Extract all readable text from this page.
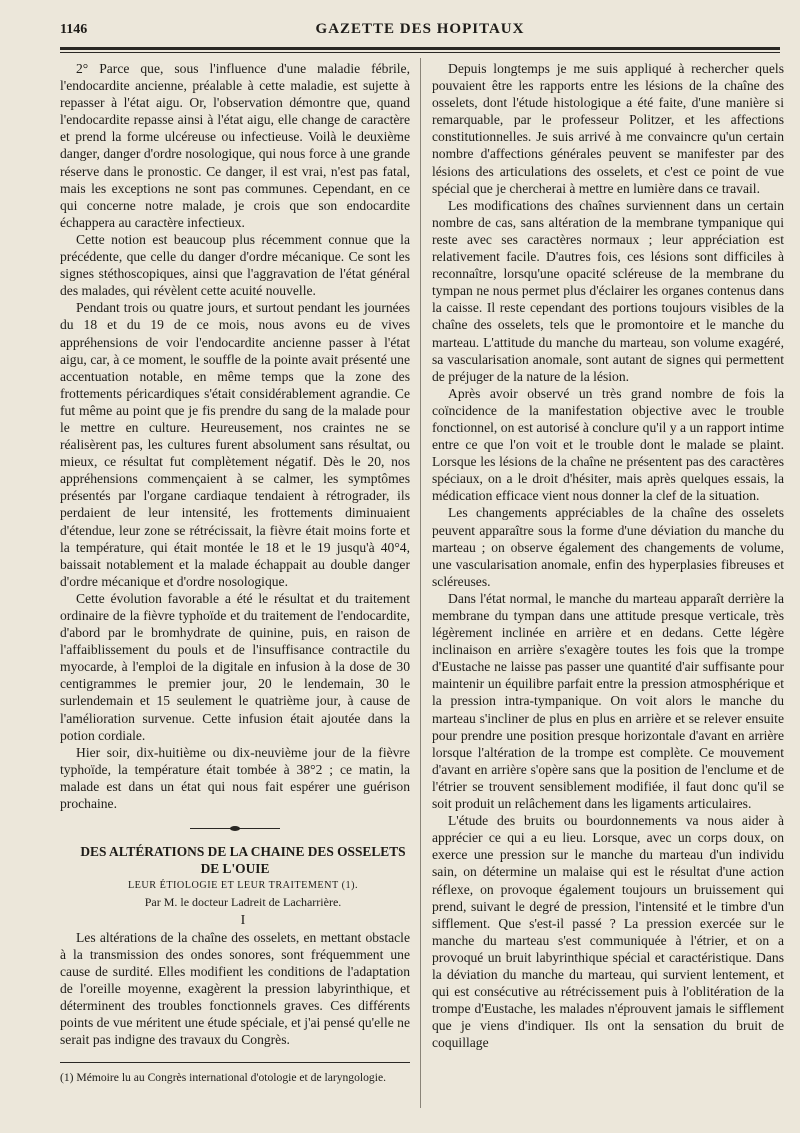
1146	GAZETTE DES HOPITAUX

2° Parce que, sous l'influence d'une maladie fébrile, l'endocardite ancienne, préalable à cette maladie, est sujette à repasser à l'état aigu. Or, l'observation démontre que, quand l'endocardite repasse ainsi à l'état aigu, elle change de caractère et prend la forme ulcéreuse ou infectieuse. Voilà le deuxième danger, danger d'ordre nosologique, qui nous force à une grande réserve dans le pronostic. Ce danger, il est vrai, n'est pas fatal, mais les exceptions ne sont pas communes. Cependant, en ce qui concerne notre malade, je crois que son endocardite échappera au caractère infectieux.

Cette notion est beaucoup plus récemment connue que la précédente, que celle du danger d'ordre mécanique. Ce sont les signes stéthoscopiques, ainsi que l'aggravation de l'état général des malades, qui révèlent cette acuité nouvelle.

Pendant trois ou quatre jours, et surtout pendant les journées du 18 et du 19 de ce mois, nous avons eu de vives appréhensions de voir l'endocardite ancienne passer à l'état aigu, car, à ce moment, le souffle de la pointe avait présenté une accentuation notable, en même temps que la zone des frottements péricardiques s'était considérablement agrandie. Ce fut même au point que je fis prendre du sang de la malade pour le mettre en culture. Heureusement, nos craintes ne se réalisèrent pas, les cultures furent absolument sans résultat, ou mieux, ce résultat fut complètement négatif. Dès le 20, nos appréhensions commençaient à se calmer, les symptômes présentés par l'organe cardiaque tendaient à rétrograder, ils perdaient de leur intensité, les frottements diminuaient d'étendue, leur zone se rétrécissait, la fièvre était moins forte et la température, qui était montée le 18 et le 19 jusqu'à 40°4, baissait notablement et la malade échappait au double danger d'ordre mécanique et d'ordre nosologique.

Cette évolution favorable a été le résultat et du traitement ordinaire de la fièvre typhoïde et du traitement de l'endocardite, d'abord par le bromhydrate de quinine, puis, en raison de l'affaiblissement du pouls et de l'insuffisance contractile du myocarde, à l'emploi de la digitale en infusion à la dose de 30 centigrammes le premier jour, 20 le lendemain, 30 le surlendemain et 15 seulement le quatrième jour, à cause de l'amélioration survenue. Cette infusion était ajoutée dans la potion cordiale.

Hier soir, dix-huitième ou dix-neuvième jour de la fièvre typhoïde, la température était tombée à 38°2 ; ce matin, la malade est dans un état qui nous fait espérer une guérison prochaine.

DES ALTÉRATIONS DE LA CHAINE DES OSSELETS DE L'OUIE

LEUR ÉTIOLOGIE ET LEUR TRAITEMENT (1).

Par M. le docteur Ladreit de Lacharrière.

I

Les altérations de la chaîne des osselets, en mettant obstacle à la transmission des ondes sonores, sont fréquemment une cause de surdité. Elles modifient les conditions de l'adaptation de l'oreille moyenne, exagèrent la pression labyrinthique, et déterminent des troubles fonctionnels graves. Ces différents points de vue méritent une étude spéciale, et j'ai pensé qu'elle ne serait pas indigne des travaux du Congrès.

(1) Mémoire lu au Congrès international d'otologie et de laryngologie.

Depuis longtemps je me suis appliqué à rechercher quels pouvaient être les rapports entre les lésions de la chaîne des osselets, dont l'étude histologique a été faite, d'une manière si remarquable, par le professeur Politzer, et les affections constitutionnelles. Je suis arrivé à me convaincre qu'un certain nombre d'affections générales peuvent se manifester par des lésions des articulations des osselets, et c'est ce point de vue spécial que je chercherai à mettre en lumière dans ce travail.

Les modifications des chaînes surviennent dans un certain nombre de cas, sans altération de la membrane tympanique qui reste avec ses caractères normaux ; leur appréciation est relativement facile. D'autres fois, ces lésions sont difficiles à reconnaître, lorsqu'une opacité scléreuse de la membrane du tympan ne nous permet plus d'éclairer les organes contenus dans la caisse. Il reste cependant des portions toujours visibles de la chaîne des osselets, tels que le promontoire et le manche du marteau. L'attitude du manche du marteau, son volume exagéré, sa vascularisation anomale, sont autant de signes qui permettent de préjuger de la nature de la lésion.

Après avoir observé un très grand nombre de fois la coïncidence de la manifestation objective avec le trouble fonctionnel, on est autorisé à conclure qu'il y a un rapport intime entre ce que l'on voit et le trouble dont le malade se plaint. Lorsque les lésions de la chaîne ne présentent pas des caractères spéciaux, on a le droit d'hésiter, mais après quelques essais, la médication efficace vient nous donner la clef de la situation.

Les changements appréciables de la chaîne des osselets peuvent apparaître sous la forme d'une déviation du manche du marteau ; on observe également des changements de volume, une vascularisation anomale, enfin des hyperplasies fibreuses et scléreuses.

Dans l'état normal, le manche du marteau apparaît derrière la membrane du tympan dans une attitude presque verticale, très légèrement inclinée en arrière et en dedans. Cette légère inclinaison en arrière s'exagère toutes les fois que la trompe d'Eustache ne laisse pas passer une quantité d'air suffisante pour maintenir un équilibre parfait entre la pression atmosphérique et la pression intra-tympanique. On voit alors le manche du marteau s'incliner de plus en plus en arrière et se relever ensuite pour prendre une position presque horizontale d'avant en arrière lorsque l'altération de la trompe est complète. Ce mouvement d'avant en arrière s'opère sans que la position de l'enclume et de l'étrier se trouvent sensiblement modifiée, il faut donc qu'il se soit produit un relâchement dans les ligaments articulaires.

L'étude des bruits ou bourdonnements va nous aider à apprécier ce qui a eu lieu. Lorsque, avec un corps doux, on exerce une pression sur le manche du marteau d'un individu sain, on détermine un malaise qui est le résultat d'une action réflexe, on provoque également toujours un bruissement qui prend, suivant le degré de pression, l'intensité et le timbre d'un sifflement. Que s'est-il passé ? La pression exercée sur le manche du marteau s'est communiquée à l'étrier, et on a provoqué un bruit labyrinthique spécial et caractéristique. Dans la déviation du manche du marteau, qui survient lentement, et qui est consécutive au rétrécissement puis à l'oblitération de la trompe d'Eustache, les malades n'éprouvent jamais le sifflement que je viens d'indiquer. Ils ont la sensation du bruit de coquillage
